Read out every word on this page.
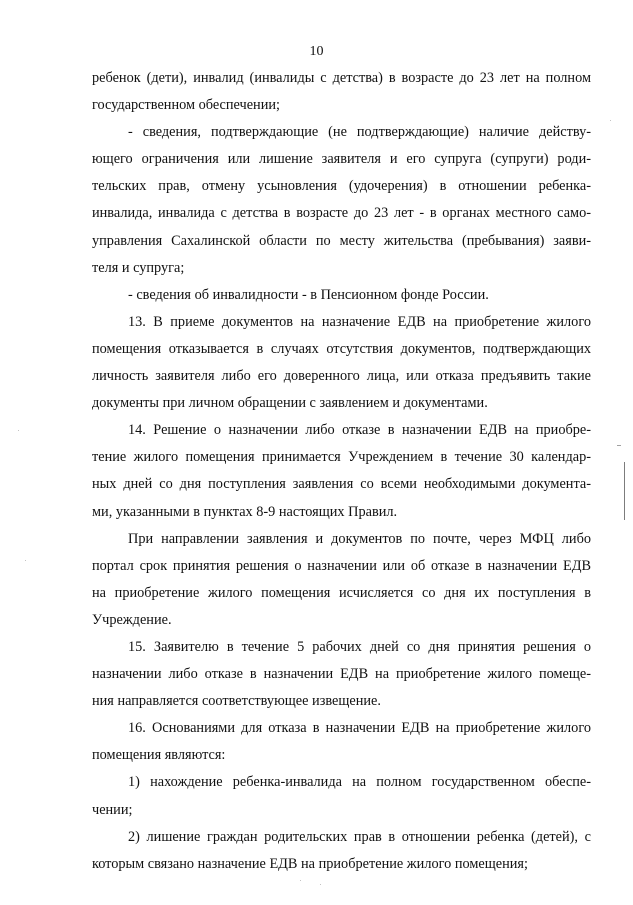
10
ребенок (дети), инвалид (инвалиды с детства) в возрасте до 23 лет на полном
государственном обеспечении;
- сведения, подтверждающие (не подтверждающие) наличие действу-
ющего ограничения или лишение заявителя и его супруга (супруги) роди-
тельских прав, отмену усыновления (удочерения) в отношении ребенка-
инвалида, инвалида с детства в возрасте до 23 лет - в органах местного само-
управления Сахалинской области по месту жительства (пребывания) заяви-
теля и супруга;
- сведения об инвалидности - в Пенсионном фонде России.
13. В приеме документов на назначение ЕДВ на приобретение жилого
помещения отказывается в случаях отсутствия документов, подтверждающих
личность заявителя либо его доверенного лица, или отказа предъявить такие
документы при личном обращении с заявлением и документами.
14. Решение о назначении либо отказе в назначении ЕДВ на приобре-
тение жилого помещения принимается Учреждением в течение 30 календар-
ных дней со дня поступления заявления со всеми необходимыми документа-
ми, указанными в пунктах 8-9 настоящих Правил.
При направлении заявления и документов по почте, через МФЦ либо
портал срок принятия решения о назначении или об отказе в назначении ЕДВ
на приобретение жилого помещения исчисляется со дня их поступления в
Учреждение.
15. Заявителю в течение 5 рабочих дней со дня принятия решения о
назначении либо отказе в назначении ЕДВ на приобретение жилого помеще-
ния направляется соответствующее извещение.
16. Основаниями для отказа в назначении ЕДВ на приобретение жилого
помещения являются:
1) нахождение ребенка-инвалида на полном государственном обеспе-
чении;
2) лишение граждан родительских прав в отношении ребенка (детей), с
которым связано назначение ЕДВ на приобретение жилого помещения;
